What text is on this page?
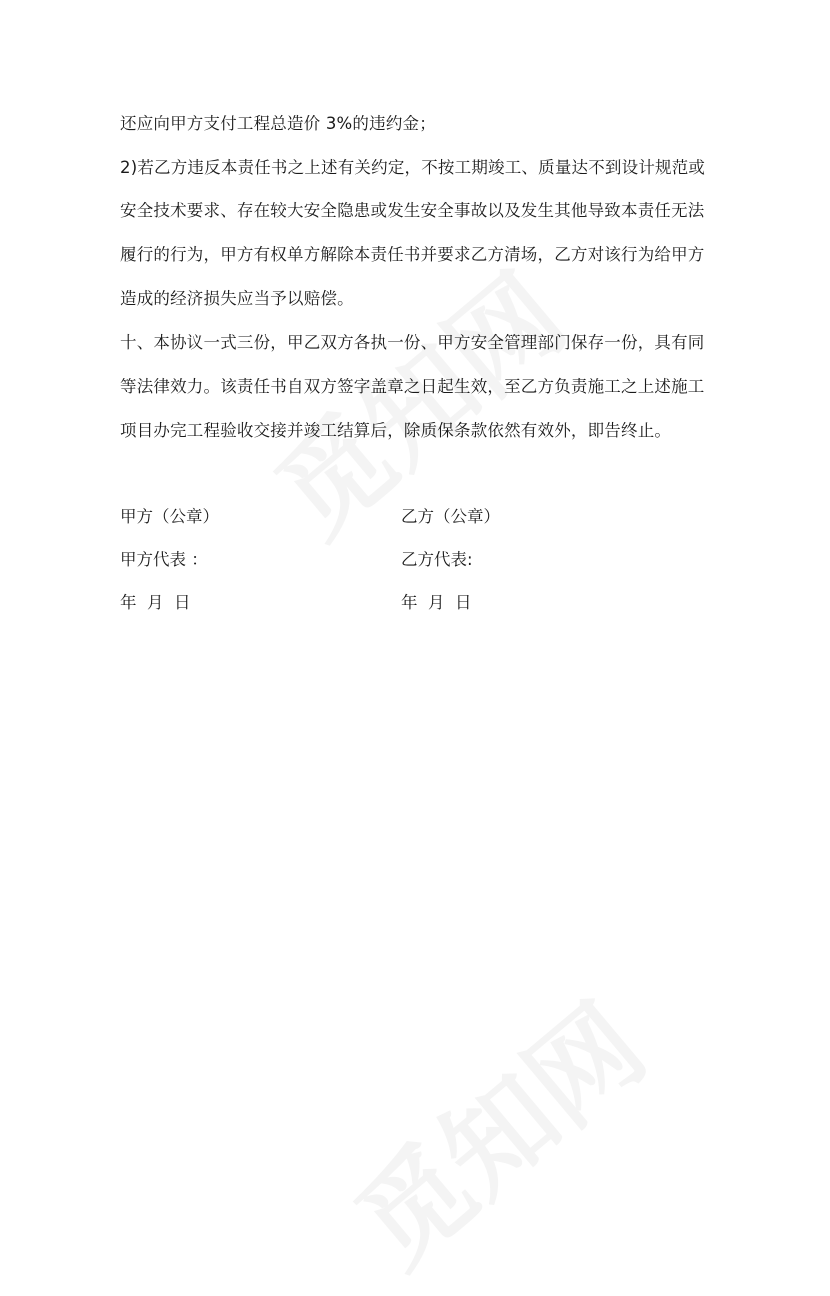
还应向甲方支付工程总造价 3%的违约金；
2)若乙方违反本责任书之上述有关约定，不按工期竣工、质量达不到设计规范或
安全技术要求、存在较大安全隐患或发生安全事故以及发生其他导致本责任无法
履行的行为，甲方有权单方解除本责任书并要求乙方清场，乙方对该行为给甲方
造成的经济损失应当予以赔偿。
十、本协议一式三份，甲乙双方各执一份、甲方安全管理部门保存一份，具有同
等法律效力。该责任书自双方签字盖章之日起生效，至乙方负责施工之上述施工
项目办完工程验收交接并竣工结算后，除质保条款依然有效外，即告终止。
甲方（公章）	乙方（公章）
甲方代表 ：	乙方代表:
年  月  日	年  月  日
